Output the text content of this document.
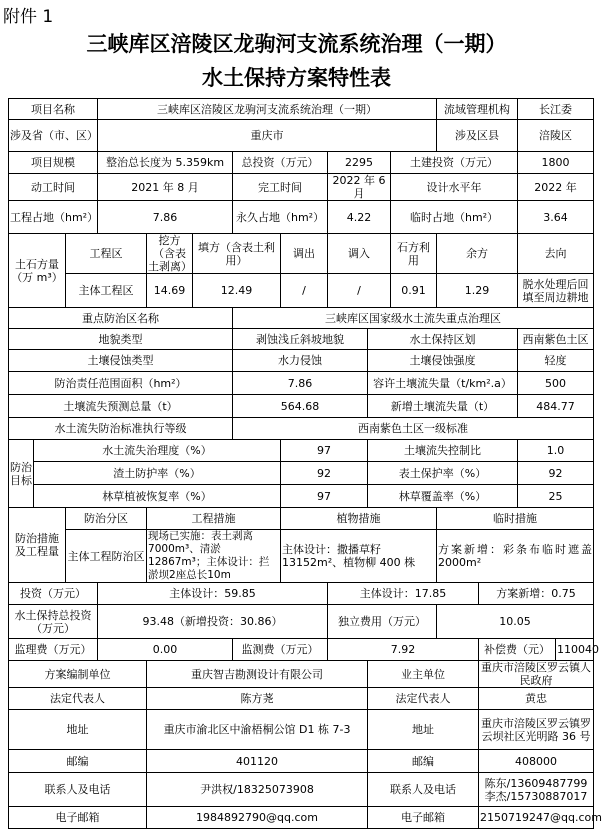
附件 1
三峡库区涪陵区龙驹河支流系统治理（一期）
水土保持方案特性表
项目名称			三峡库区涪陵区龙驹河支流系统治理（一期）								流域管理机构		长江委	
涉及省（市、区）			重庆市								涉及区县		涪陵区	
项目规模			整治总长度为 5.359km			总投资（万元）		2295		土建投资（万元）			1800	
动工时间			2021 年 8 月			完工时间		2022 年 6 月		设计水平年			2022 年	
工程占地（hm²）			7.86			永久占地（hm²）		4.22		临时占地（hm²）			3.64	
土石方量（万 m³）		工程区		挖方（含表土剥离）	填方（含表土利用）		调出	调入		石方利用	余方		去向	
		主体工程区		14.69	12.49		/	/		0.91	1.29		脱水处理后回填至周边耕地	
重点防治区名称						三峡库区国家级水土流失重点治理区								
地貌类型						剥蚀浅丘斜坡地貌			水土保持区划				西南紫色土区	
土壤侵蚀类型						水力侵蚀			土壤侵蚀强度				轻度	
防治责任范围面积（hm²）						7.86			容许土壤流失量（t/km².a）				500	
土壤流失预测总量（t）						564.68			新增土壤流失量（t）				484.77	
水土流失防治标准执行等级						西南紫色土区一级标准								
防治目标	水土流失治理度（%）						97		土壤流失控制比				1.0	
	渣土防护率（%）						92		表土保护率（%）				92	
	林草植被恢复率（%）						97		林草覆盖率（%）				25	
防治措施及工程量		防治分区		工程措施			植物措施				临时措施			
		主体工程防治区		现场已实施：表土剥离7000m³、清淤 12867m³；主体设计：拦淤坝2座总长10m			主体设计：撒播草籽 13152m²、植物柳 400 株				方案新增：彩条布临时遮盖2000m²			
投资（万元）			主体设计：59.85					主体设计：17.85				方案新增：0.75		
水土保持总投资（万元）			93.48（新增投资：30.86）					独立费用（万元）			10.05			
监理费（万元）			0.00			监测费（万元）		7.92				补偿费（元）		110040
方案编制单位				重庆智吉勘测设计有限公司					业主单位			重庆市涪陵区罗云镇人民政府		
法定代表人				陈方荛					法定代表人			黄忠		
地址				重庆市渝北区中渝梧桐公馆 D1 栋 7-3					地址			重庆市涪陵区罗云镇罗云坝社区光明路 36 号		
邮编				401120					邮编			408000		
联系人及电话				尹洪权/18325073908					联系人及电话			陈东/13609487799
李杰/15730887017		

电子邮箱				1984892790@qq.com					电子邮箱			2150719247@qq.com		
